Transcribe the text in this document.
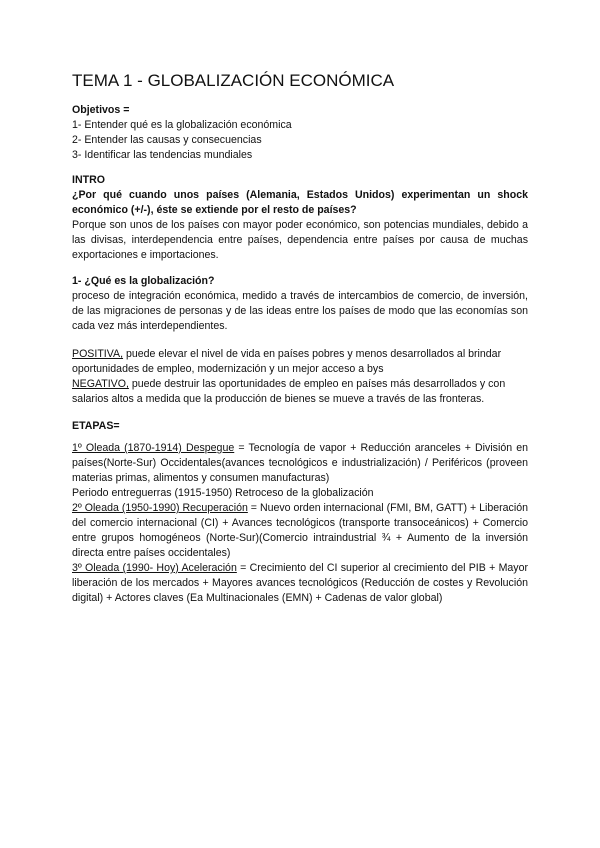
TEMA 1 - GLOBALIZACIÓN ECONÓMICA

Objetivos =

1- Entender qué es la globalización económica
2- Entender las causas y consecuencias
3- Identificar las tendencias mundiales

INTRO

¿Por qué cuando unos países (Alemania, Estados Unidos) experimentan un shock económico (+/-), éste se extiende por el resto de países?

Porque son unos de los países con mayor poder económico, son potencias mundiales, debido a las divisas, interdependencia entre países, dependencia entre países por causa de muchas exportaciones e importaciones.

1- ¿Qué es la globalización?

proceso de integración económica, medido a través de intercambios de comercio, de inversión, de las migraciones de personas y de las ideas entre los países de modo que las economías son cada vez más interdependientes.

POSITIVA, puede elevar el nivel de vida en países pobres y menos desarrollados al brindar oportunidades de empleo, modernización y un mejor acceso a bys

NEGATIVO, puede destruir las oportunidades de empleo en países más desarrollados y con salarios altos a medida que la producción de bienes se mueve a través de las fronteras.

ETAPAS=

1º Oleada (1870-1914) Despegue = Tecnología de vapor + Reducción aranceles + División en países(Norte-Sur) Occidentales(avances tecnológicos e industrialización) / Periféricos (proveen materias primas, alimentos y consumen manufacturas)

Periodo entreguerras (1915-1950) Retroceso de la globalización

2º Oleada (1950-1990) Recuperación = Nuevo orden internacional (FMI, BM, GATT) + Liberación del comercio internacional (CI) + Avances tecnológicos (transporte transoceánicos) + Comercio entre grupos homogéneos (Norte-Sur)(Comercio intraindustrial ¾ + Aumento de la inversión directa entre países occidentales)

3º Oleada (1990- Hoy) Aceleración = Crecimiento del CI superior al crecimiento del PIB + Mayor liberación de los mercados + Mayores avances tecnológicos (Reducción de costes y Revolución digital) + Actores claves (Ea Multinacionales (EMN) + Cadenas de valor global)
